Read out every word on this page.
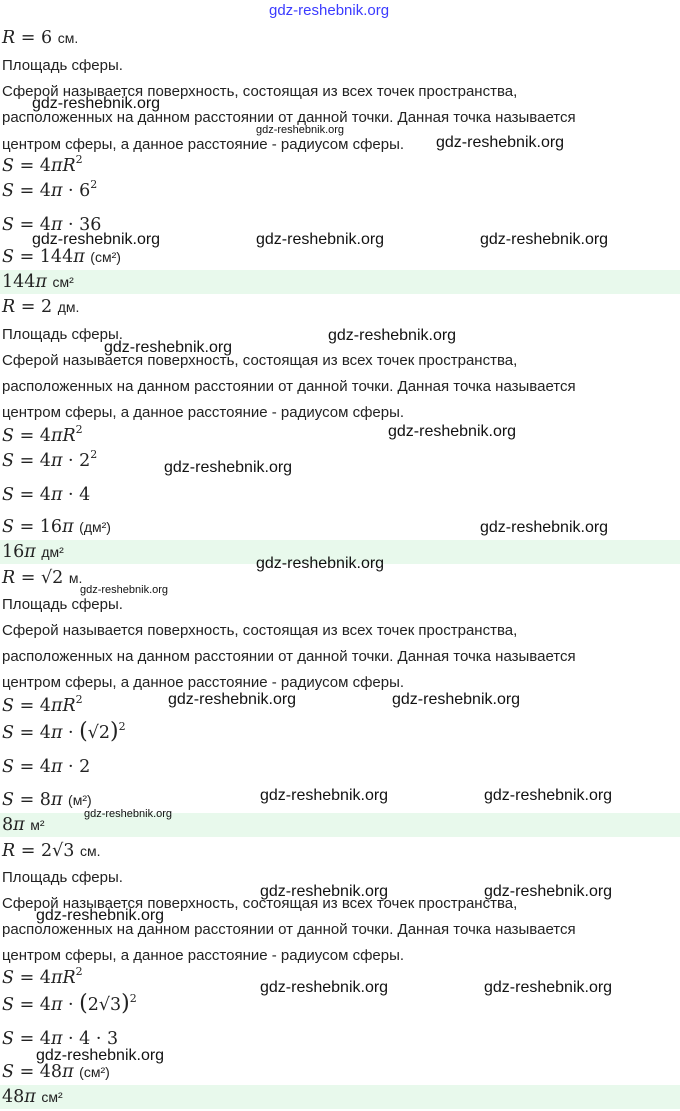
gdz-reshebnik.org
R = 6 см.
Площадь сферы.
Сферой называется поверхность, состоящая из всех точек пространства,
расположенных на данном расстоянии от данной точки. Данная точка называется
центром сферы, а данное расстояние - радиусом сферы.
$S = 4\pi R^2$
$S = 4\pi \cdot 6^2$
S = 4π · 36
S = 144π (см²)
144π см²
R = 2 дм.
Площадь сферы.
Сферой называется поверхность, состоящая из всех точек пространства,
расположенных на данном расстоянии от данной точки. Данная точка называется
центром сферы, а данное расстояние - радиусом сферы.
$S = 4\pi R^2$
$S = 4\pi \cdot 2^2$
S = 4π · 4
S = 16π (дм²)
16π дм²
R = √2 м.
Площадь сферы.
Сферой называется поверхность, состоящая из всех точек пространства,
расположенных на данном расстоянии от данной точки. Данная точка называется
центром сферы, а данное расстояние - радиусом сферы.
$S = 4\pi R^2$
$S = 4\pi \cdot (√2)^2$
S = 4π · 2
S = 8π (м²)
8π м²
R = 2√3 см.
Площадь сферы.
Сферой называется поверхность, состоящая из всех точек пространства,
расположенных на данном расстоянии от данной точки. Данная точка называется
центром сферы, а данное расстояние - радиусом сферы.
$S = 4\pi R^2$
$S = 4\pi \cdot (2√3)^2$
S = 4π · 4 · 3
S = 48π (см²)
48π см²
gdz-reshebnik.org
gdz-reshebnik.org
gdz-reshebnik.org
gdz-reshebnik.org	gdz-reshebnik.org	gdz-reshebnik.org
gdz-reshebnik.org
gdz-reshebnik.org
gdz-reshebnik.org
gdz-reshebnik.org
gdz-reshebnik.org
gdz-reshebnik.org
gdz-reshebnik.org
gdz-reshebnik.org	gdz-reshebnik.org
gdz-reshebnik.org	gdz-reshebnik.org
gdz-reshebnik.org
gdz-reshebnik.org	gdz-reshebnik.org
gdz-reshebnik.org
gdz-reshebnik.org	gdz-reshebnik.org
gdz-reshebnik.org
